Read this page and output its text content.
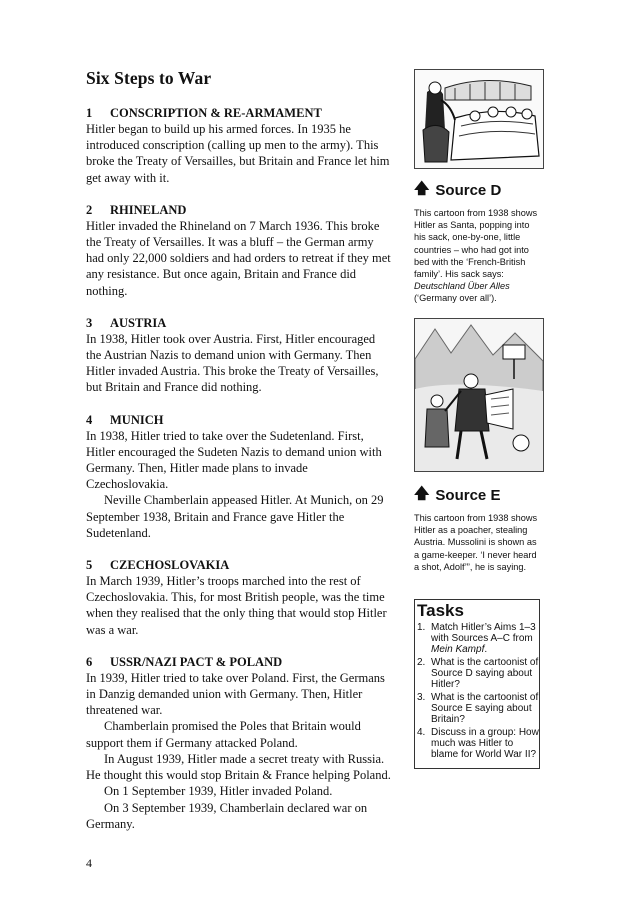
Six Steps to War
1 CONSCRIPTION & RE-ARMAMENT

Hitler began to build up his armed forces. In 1935 he introduced conscription (calling up men to the army). This broke the Treaty of Versailles, but Britain and France let him get away with it.

2 RHINELAND

Hitler invaded the Rhineland on 7 March 1936. This broke the Treaty of Versailles. It was a bluff – the German army had only 22,000 soldiers and had orders to retreat if they met any resistance. But once again, Britain and France did nothing.

3 AUSTRIA

In 1938, Hitler took over Austria. First, Hitler encouraged the Austrian Nazis to demand union with Germany. Then Hitler invaded Austria. This broke the Treaty of Versailles, but Britain and France did nothing.

4 MUNICH

In 1938, Hitler tried to take over the Sudetenland. First, Hitler encouraged the Sudeten Nazis to demand union with Germany. Then, Hitler made plans to invade Czechoslovakia.

Neville Chamberlain appeased Hitler. At Munich, on 29 September 1938, Britain and France gave Hitler the Sudetenland.

5 CZECHOSLOVAKIA

In March 1939, Hitler’s troops marched into the rest of Czechoslovakia. This, for most British people, was the time when they realised that the only thing that would stop Hitler was a war.

6 USSR/NAZI PACT & POLAND

In 1939, Hitler tried to take over Poland. First, the Germans in Danzig demanded union with Germany. Then, Hitler threatened war.

Chamberlain promised the Poles that Britain would support them if Germany attacked Poland.

In August 1939, Hitler made a secret treaty with Russia. He thought this would stop Britain & France helping Poland.

On 1 September 1939, Hitler invaded Poland.

On 3 September 1939, Chamberlain declared war on Germany.

🡅 Source D

This cartoon from 1938 shows Hitler as Santa, popping into his sack, one-by-one, little countries – who had got into bed with the ‘French-British family’. His sack says: Deutschland Über Alles (‘Germany over all’).

🡅 Source E

This cartoon from 1938 shows Hitler as a poacher, stealing Austria. Mussolini is shown as a game-keeper. ‘I never heard a shot, Adolf’”, he is saying.

Tasks
1. Match Hitler’s Aims 1–3 with Sources A–C from Mein Kampf.
2. What is the cartoonist of Source D saying about Hitler?
3. What is the cartoonist of Source E saying about Britain?
4. Discuss in a group: How much was Hitler to blame for World War II?
4
